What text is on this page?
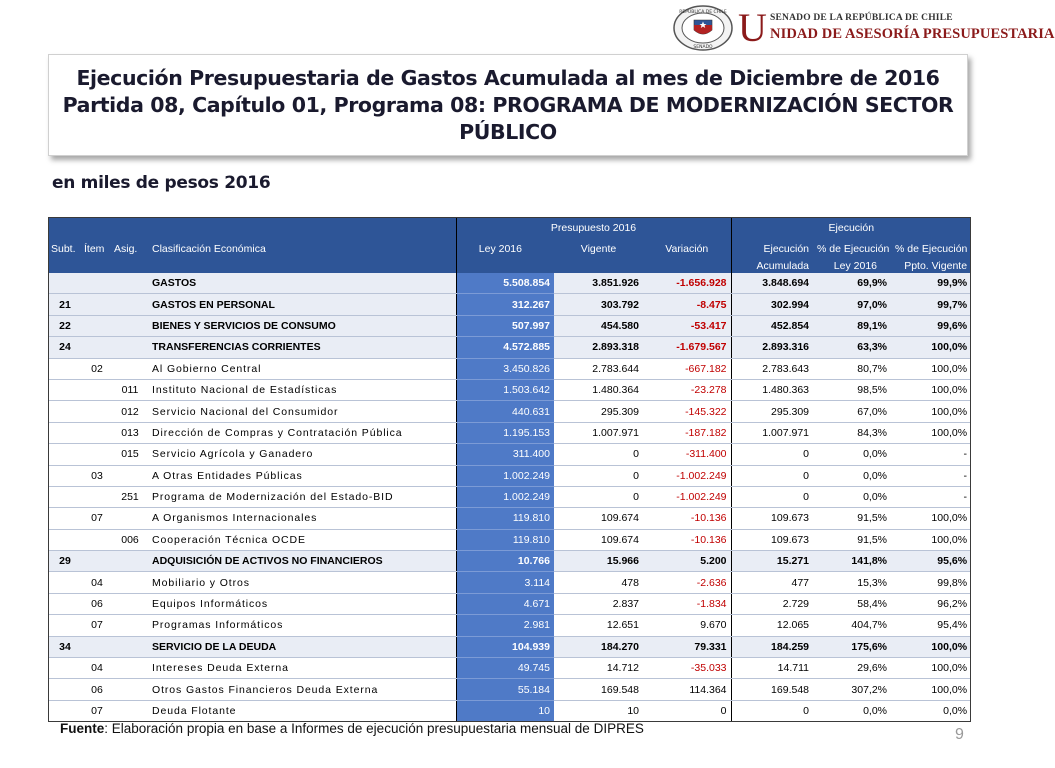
REPÚBLICA DE CHILE
SENADO U SENADO DE LA REPÚBLICA DE CHILE
NIDAD DE ASESORÍA PRESUPUESTARIA
Ejecución Presupuestaria de Gastos Acumulada al mes de Diciembre de 2016
Partida 08, Capítulo 01, Programa 08: PROGRAMA DE MODERNIZACIÓN SECTOR
PÚBLICO
en miles de pesos 2016
				Presupuesto 2016			Ejecución		
Subt.	Ítem	Asig.	Clasificación Económica	Ley 2016	Vigente	Variación	Ejecución	% de Ejecución	% de Ejecución
							Acumulada	Ley 2016	Ppto. Vigente
			GASTOS	5.508.854	3.851.926	-1.656.928	3.848.694	69,9%	99,9%
21			GASTOS EN PERSONAL	312.267	303.792	-8.475	302.994	97,0%	99,7%
22			BIENES Y SERVICIOS DE CONSUMO	507.997	454.580	-53.417	452.854	89,1%	99,6%
24			TRANSFERENCIAS CORRIENTES	4.572.885	2.893.318	-1.679.567	2.893.316	63,3%	100,0%
	02		Al Gobierno Central	3.450.826	2.783.644	-667.182	2.783.643	80,7%	100,0%
		011	Instituto Nacional de Estadísticas	1.503.642	1.480.364	-23.278	1.480.363	98,5%	100,0%
		012	Servicio Nacional del Consumidor	440.631	295.309	-145.322	295.309	67,0%	100,0%
		013	Dirección de Compras y Contratación Pública	1.195.153	1.007.971	-187.182	1.007.971	84,3%	100,0%
		015	Servicio Agrícola y Ganadero	311.400	0	-311.400	0	0,0%	-
	03		A Otras Entidades Públicas	1.002.249	0	-1.002.249	0	0,0%	-
		251	Programa de Modernización del Estado-BID	1.002.249	0	-1.002.249	0	0,0%	-
	07		A Organismos Internacionales	119.810	109.674	-10.136	109.673	91,5%	100,0%
		006	Cooperación Técnica OCDE	119.810	109.674	-10.136	109.673	91,5%	100,0%
29			ADQUISICIÓN DE ACTIVOS NO FINANCIEROS	10.766	15.966	5.200	15.271	141,8%	95,6%
	04		Mobiliario y Otros	3.114	478	-2.636	477	15,3%	99,8%
	06		Equipos Informáticos	4.671	2.837	-1.834	2.729	58,4%	96,2%
	07		Programas Informáticos	2.981	12.651	9.670	12.065	404,7%	95,4%
34			SERVICIO DE LA DEUDA	104.939	184.270	79.331	184.259	175,6%	100,0%
	04		Intereses Deuda Externa	49.745	14.712	-35.033	14.711	29,6%	100,0%
	06		Otros Gastos Financieros Deuda Externa	55.184	169.548	114.364	169.548	307,2%	100,0%
	07		Deuda Flotante	10	10	0	0	0,0%	0,0%
Fuente: Elaboración propia en base a Informes de ejecución presupuestaria mensual de DIPRES	9
